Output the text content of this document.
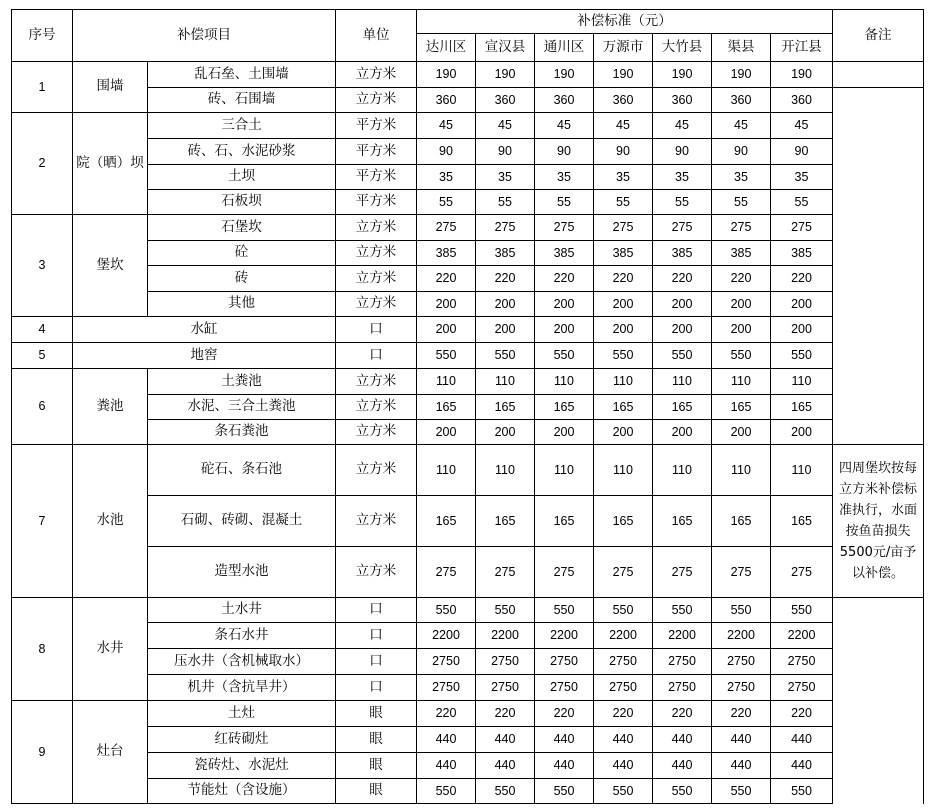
序号	补偿项目		单位	补偿标准（元）							备注
				达川区	宣汉县	通川区	万源市	大竹县	渠县	开江县	
1	围墙	乱石垒、土围墙	立方米	190	190	190	190	190	190	190	
		砖、石围墙	立方米	360	360	360	360	360	360	360	
2	院（晒）坝	三合土	平方米	45	45	45	45	45	45	45	
		砖、石、水泥砂浆	平方米	90	90	90	90	90	90	90	
		土坝	平方米	35	35	35	35	35	35	35	
		石板坝	平方米	55	55	55	55	55	55	55	
3	堡坎	石堡坎	立方米	275	275	275	275	275	275	275	
		砼	立方米	385	385	385	385	385	385	385	
		砖	立方米	220	220	220	220	220	220	220	
		其他	立方米	200	200	200	200	200	200	200	
4	水缸		口	200	200	200	200	200	200	200	
5	地窖		口	550	550	550	550	550	550	550	
6	粪池	土粪池	立方米	110	110	110	110	110	110	110	
		水泥、三合土粪池	立方米	165	165	165	165	165	165	165	
		条石粪池	立方米	200	200	200	200	200	200	200	
7	水池	砣石、条石池	立方米	110	110	110	110	110	110	110	四周堡坎按每立方米补偿标准执行，水面按鱼苗损失5500元/亩予以补偿。
		石砌、砖砌、混凝土	立方米	165	165	165	165	165	165	165	
		造型水池	立方米	275	275	275	275	275	275	275	
8	水井	土水井	口	550	550	550	550	550	550	550	
		条石水井	口	2200	2200	2200	2200	2200	2200	2200	
		压水井（含机械取水）	口	2750	2750	2750	2750	2750	2750	2750	
		机井（含抗旱井）	口	2750	2750	2750	2750	2750	2750	2750	
9	灶台	土灶	眼	220	220	220	220	220	220	220	
		红砖砌灶	眼	440	440	440	440	440	440	440	
		瓷砖灶、水泥灶	眼	440	440	440	440	440	440	440	
		节能灶（含设施）	眼	550	550	550	550	550	550	550	
